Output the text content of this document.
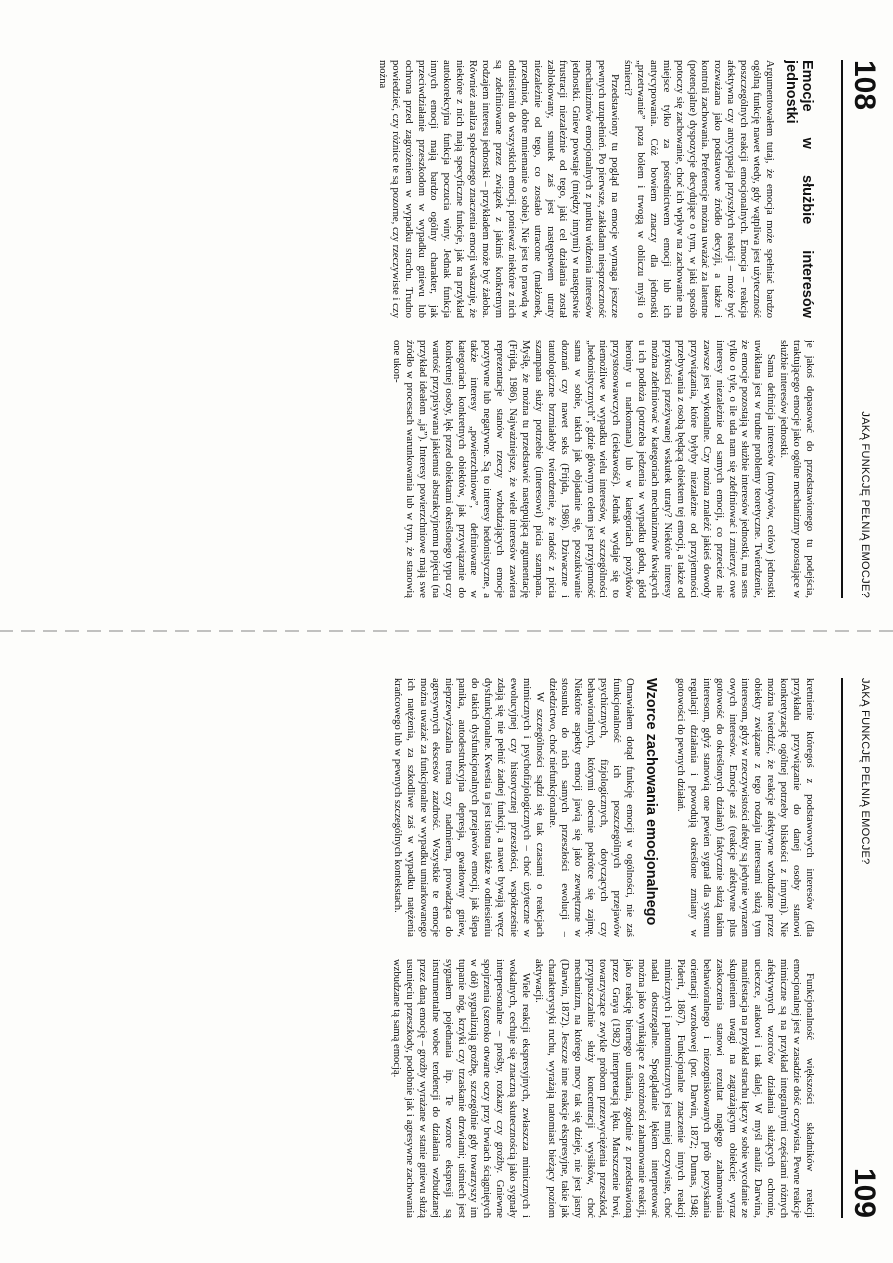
108
JAKĄ FUNKCJĘ PEŁNIĄ EMOCJE?
Emocje w służbie interesów jednostki

Argumentowałem tutaj, że emocja może spełniać bardzo ogólną funkcję nawet wtedy, gdy wątpliwa jest użyteczność poszczególnych reakcji emocjonalnych. Emocja – reakcja afektywna czy antycypacja przyszłych reakcji – może być rozważana jako podstawowe źródło decyzji, a także i kontroli zachowania. Preferencje można uważać za latentne (potencjalne) dyspozycje decydujące o tym, w jaki sposób potoczy się zachowanie, choć ich wpływ na zachowanie ma miejsce tylko za pośrednictwem emocji lub ich antycypowania. Cóż bowiem znaczy dla jednostki „przetrwanie” poza bólem i trwogą w obliczu myśli o śmierci?

Przedstawiony tu pogląd na emocje wymaga jeszcze pewnych uzupełnień. Po pierwsze, zakładam niesprzeczność mechanizmów emocjonalnych z punktu widzenia interesów jednostki. Gniew powstaje (między innymi) w następstwie frustracji niezależnie od tego, jaki cel działania został zablokowany, smutek zaś jest następstwem utraty niezależnie od tego, co zostało utracone (małżonek, przedmiot, dobre mniemanie o sobie). Nie jest to prawdą w odniesieniu do wszystkich emocji, ponieważ niektóre z nich są zdefiniowane przez związek z jakimś konkretnym rodzajem interesu jednostki – przykładem może być żałoba. Również analiza społecznego znaczenia emocji wskazuje, że niektóre z nich mają specyficzne funkcje, jak na przykład autokorekcyjna funkcja poczucia winy. Jednak funkcja innych emocji mają bardzo ogólny charakter, jak przeciwdziałanie przeszkodom w wypadku gniewu lub ochrona przed zagrożeniem w wypadku strachu. Trudno powiedzieć, czy różnice te są pozorne, czy rzeczywiste i czy można

je jakoś dopasować do przedstawionego tu podejścia, traktującego emocje jako ogólne mechanizmy pozostające w służbie interesów jednostki.

Sama definicja interesów (motywów, celów) jednostki uwikłana jest w trudne problemy teoretyczne. Twierdzenie, że emocje pozostają w służbie interesów jednostki, ma sens tylko o tyle, o ile uda nam się zdefiniować i zmierzyć owe interesy niezależnie od samych emocji, co przecież nie zawsze jest wykonalne. Czy można znaleźć jakieś dowody przywiązania, które byłyby niezależne od przyjemności przebywania z osobą będącą obiektem tej emocji, a także od przykrości przeżywanej wskutek utraty? Niektóre interesy można zdefiniować w kategoriach mechanizmów tkwiących u ich podłoża (potrzeba jedzenia w wypadku głodu, głód heroiny u narkomana) lub w kategoriach pożytków przystosowawczych (ciekawość). Jednak wydaje się to niemożliwe w wypadku wielu interesów, w szczególności „hedonistycznych”, gdzie głównym celem jest przyjemność sama w sobie, takich jak objadanie się, poszukiwanie doznań czy nawet seks (Frijda, 1986). Dziwaczne i tautologiczne brzmiałoby twierdzenie, że radość z picia szampana służy potrzebie (interesowi) picia szampana. Myślę, że można tu przedstawić następującą argumentację (Frijda, 1986). Najważniejsze, że wiele interesów zawiera reprezentacje stanów rzeczy wzbudzających emocje pozytywne lub negatywne. Są to interesy hedonistyczne, a także interesy „powierzchniowe”, definiowane w kategoriach konkretnych obiektów, jak przywiązanie do konkretnej osoby, lęk przed obiektami określonego typu czy wartość przypisywana jakiemuś abstrakcyjnemu pojęciu (na przykład ideałom „ja”). Interesy powierzchniowe mają swe źródło w procesach warunkowania lub w tym, że stanowią one ukon-

JAKĄ FUNKCJĘ PEŁNIĄ EMOCJE?
109

kretnienie któregoś z podstawowych interesów (dla przykładu przywiązanie do danej osoby stanowi konkretyzację ogólnej potrzeby bliskości z innymi). Nie można twierdzić, że reakcje afektywne wzbudzane przez obiekty związane z tego rodzaju interesami służą tym interesom, gdyż w rzeczywistości afekty są jedynie wyrazem owych interesów. Emocje zaś (reakcje afektywne plus gotowość do określonych działań) faktycznie służą takim interesom, gdyż stanowią one pewien sygnał dla systemu regulacji działania i powodują określone zmiany w gotowości do pewnych działań.

Wzorce zachowania emocjonalnego

Omawiałem dotąd funkcję emocji w ogólności, nie zaś funkcjonalność ich poszczególnych przejawów psychicznych, fizjologicznych, dotyczących czy behawioralnych, którymi obecnie pokrótce się zajmę. Niektóre aspekty emocji jawią się jako zewnętrzne w stosunku do nich samych przeszłości ewolucji – dziedzictwo, choć niefunkcjonalne.

W szczególności sądzi się tak czasami o reakcjach mimicznych i psychofizjologicznych – choć użyteczne w ewolucyjnej czy historycznej przeszłości, współcześnie zdają się nie pełnić żadnej funkcji, a nawet bywają wręcz dysfunkcjonalne. Kwestia ta jest istotna także w odniesieniu do takich dysfunkcjonalnych przejawów emocji, jak ślepa panika, autodestrukcyjna depresja, gwałtowny gniew, nieprzewyższalna trema czy nadmierna, prowadząca do agresywnych ekscesów zazdrość. Wszystkie te emocje można uważać za funkcjonalne w wypadku umiarkowanego ich natężenia, za szkodliwe zaś w wypadku natężenia krańcowego lub w pewnych szczególnych kontekstach.

Funkcjonalność większości składników reakcji emocjonalnej jest w zasadzie dość oczywista. Pewne reakcje mimiczne są na przykład integralnymi częściami różnych afektywnych wzorców działania służących ochronie, ucieczce, atakowi i tak dalej. W myśl analiz Darwina, manifestacja na przykład strachu łączy w sobie wycofanie ze skupieniem uwagi na zagrażającym obiekcie; wyraz zaskoczenia stanowi rezultat nagłego zahamowania behawioralnego i niezogniskowanych prób pozyskania orientacji wzrokowej (por. Darwin, 1872; Dumas, 1948; Piderit, 1867). Funkcjonalne znaczenie innych reakcji mimicznych i pantomimicznych jest mniej oczywiste, choć nadal dostrzegalne. Spoglądanie lękiem interpretować można jako wynikające z ostrożności zahamowanie reakcji, jako reakcję biernego unikania, zgodnie z przedstawioną przez Graya (1982) interpretacją lęku. Marszczenie brwi, towarzyszące zwykle próbom przezwyciężenia przeszkód, przypuszczalnie służy koncentracji wysiłków, choć mechanizm, na którego mocy tak się dzieje, nie jest jasny (Darwin, 1872). Jeszcze inne reakcje ekspresyjne, takie jak charakterystyki ruchu, wyrażają natomiast bieżący poziom aktywacji.

Wiele reakcji ekspresyjnych, zwłaszcza mimicznych i wokalnych, cechuje się znaczną skutecznością jako sygnały interpersonalne – prośby, rozkazy czy groźby. Gniewne spojrzenia (szeroko otwarte oczy przy brwiach ściągniętych w dół) sygnalizują groźbę, szczególnie gdy towarzyszy im tupanie nóg, krzyki czy trzaskanie drzwiami; uśmiech jest sygnałem pojednania itp. Te wzorce ekspresji są instrumentalne wobec tendencji do działania wzbudzanej przez daną emocję – groźby wyrażane w stanie gniewu służą usunięciu przeszkody, podobnie jak i agresywne zachowania wzbudzane tą samą emocją.
